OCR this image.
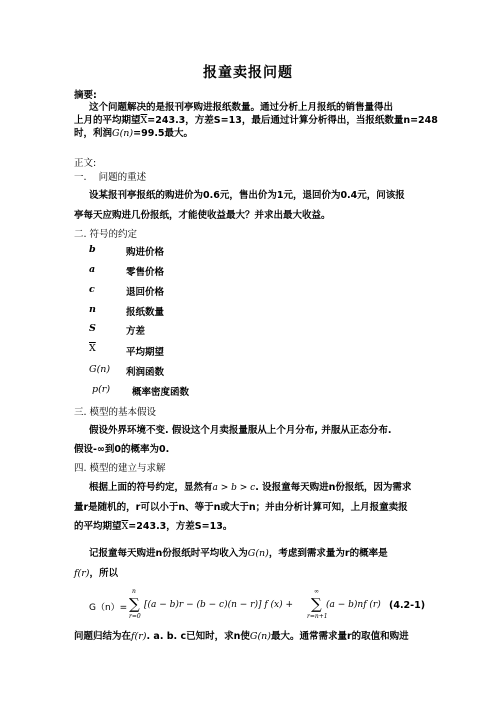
报童卖报问题
摘要:
这个问题解决的是报刊亭购进报纸数量。通过分析上月报纸的销售量得出
上月的平均期望$\overline{X}=243.3$，方差S=13，最后通过计算分析得出，当报纸数量n=248
时，利润G(n)=99.5最大。
正文:
一. 问题的重述
设某报刊亭报纸的购进价为0.6元，售出价为1元，退回价为0.4元，问该报
亭每天应购进几份报纸，才能使收益最大？并求出最大收益。
二. 符号的约定
b	购进价格
a	零售价格
c	退回价格
n	报纸数量
S	方差
$\overline{X}$	平均期望
G(n) 利润函数
p(r) 概率密度函数
三. 模型的基本假设
假设外界环境不变. 假设这个月卖报量服从上个月分布, 并服从正态分布.
假设-∞到0的概率为0.
四. 模型的建立与求解
根据上面的符号约定，显然有a > b > c. 设报童每天购进n份报纸，因为需求
量r是随机的，r可以小于n、等于n或大于n；并由分析计算可知，上月报童卖报
的平均期望$\overline{X}=243.3$，方差S=13。
记报童每天购进n份报纸时平均收入为G(n)，考虑到需求量为r的概率是
f(r)，所以
G（n）= ∑
n
r=0
[(a − b)r − (b − c)(n − r)] f (x) + ∑
∞
r=n+1
(a − b)nf (r) (4.2-1)
问题归结为在f(r). a. b. c已知时，求n使G(n)最大。通常需求量r的取值和购进
